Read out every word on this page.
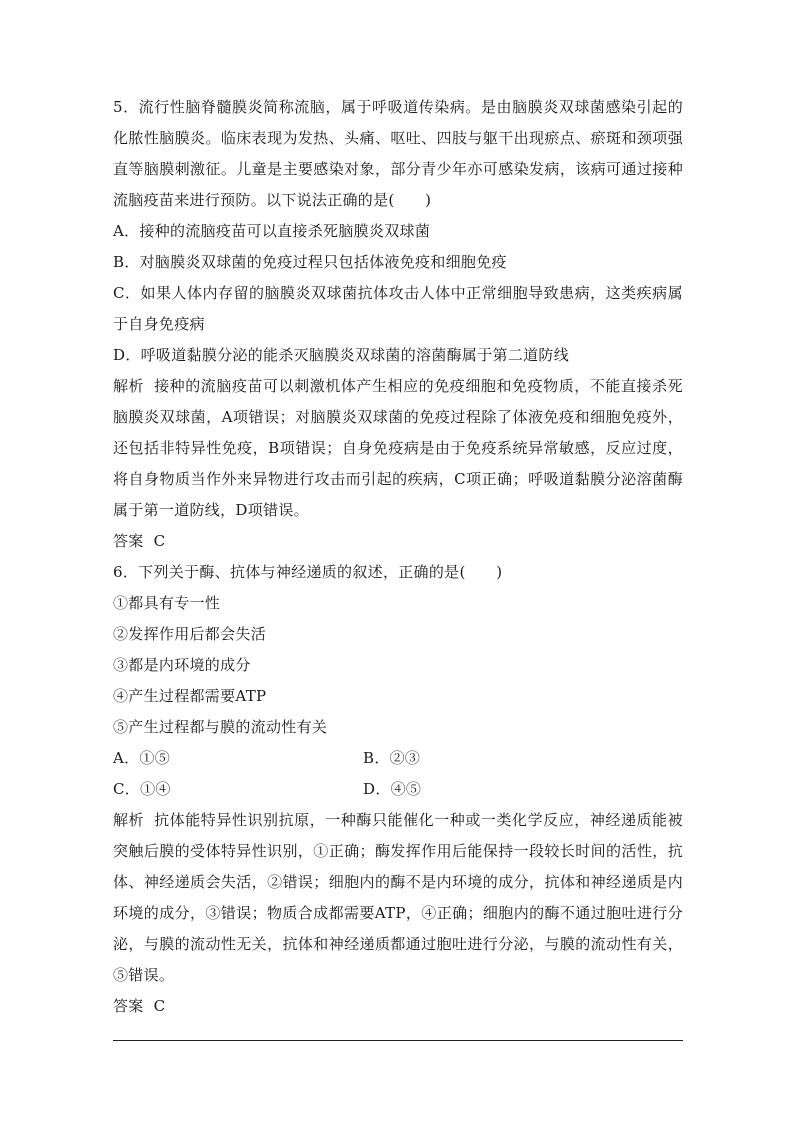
5．流行性脑脊髓膜炎简称流脑，属于呼吸道传染病。是由脑膜炎双球菌感染引起的化脓性脑膜炎。临床表现为发热、头痛、呕吐、四肢与躯干出现瘀点、瘀斑和颈项强直等脑膜刺激征。儿童是主要感染对象，部分青少年亦可感染发病，该病可通过接种流脑疫苗来进行预防。以下说法正确的是(　　)

A．接种的流脑疫苗可以直接杀死脑膜炎双球菌

B．对脑膜炎双球菌的免疫过程只包括体液免疫和细胞免疫

C．如果人体内存留的脑膜炎双球菌抗体攻击人体中正常细胞导致患病，这类疾病属于自身免疫病

D．呼吸道黏膜分泌的能杀灭脑膜炎双球菌的溶菌酶属于第二道防线

解析 接种的流脑疫苗可以刺激机体产生相应的免疫细胞和免疫物质，不能直接杀死脑膜炎双球菌，A项错误；对脑膜炎双球菌的免疫过程除了体液免疫和细胞免疫外，还包括非特异性免疫，B项错误；自身免疫病是由于免疫系统异常敏感，反应过度，将自身物质当作外来异物进行攻击而引起的疾病，C项正确；呼吸道黏膜分泌溶菌酶属于第一道防线，D项错误。

答案 C

6．下列关于酶、抗体与神经递质的叙述，正确的是(　　)

①都具有专一性

②发挥作用后都会失活

③都是内环境的成分

④产生过程都需要ATP

⑤产生过程都与膜的流动性有关

A．①⑤	B．②③
C．①④	D．④⑤

解析 抗体能特异性识别抗原，一种酶只能催化一种或一类化学反应，神经递质能被突触后膜的受体特异性识别，①正确；酶发挥作用后能保持一段较长时间的活性，抗体、神经递质会失活，②错误；细胞内的酶不是内环境的成分，抗体和神经递质是内环境的成分，③错误；物质合成都需要ATP，④正确；细胞内的酶不通过胞吐进行分泌，与膜的流动性无关，抗体和神经递质都通过胞吐进行分泌，与膜的流动性有关，⑤错误。

答案 C
